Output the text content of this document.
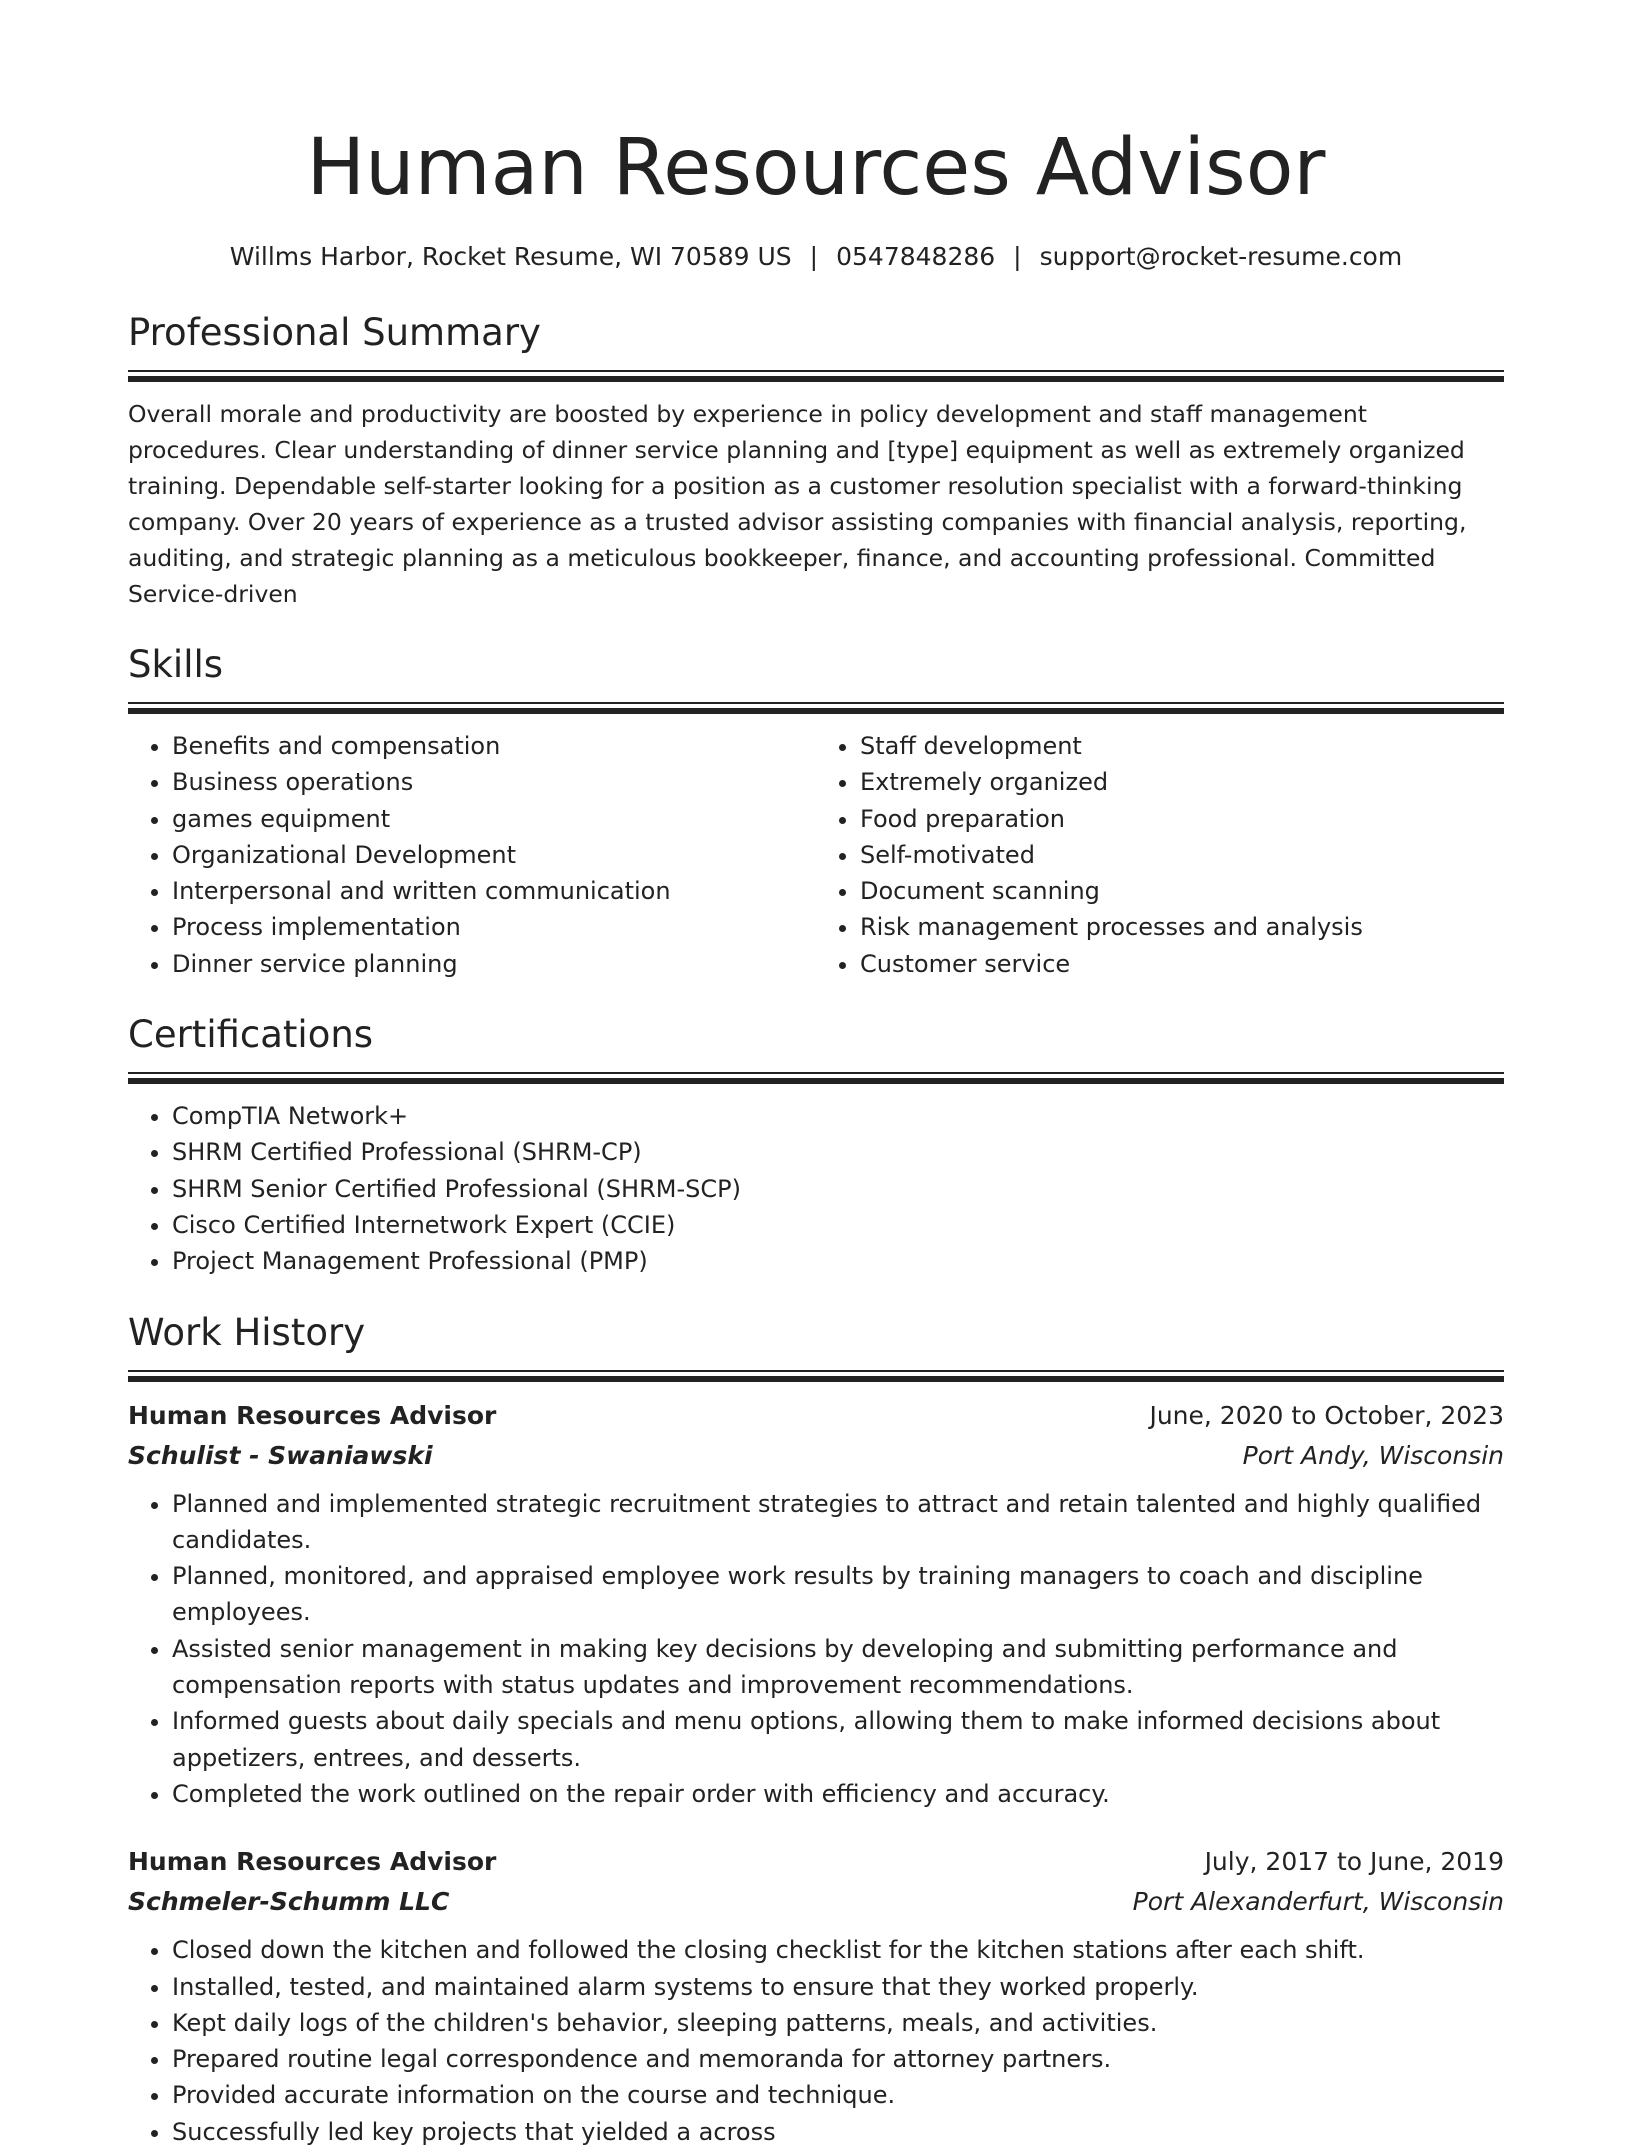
Human Resources Advisor
Willms Harbor, Rocket Resume, WI 70589 US | 0547848286 | support@rocket-resume.com
Professional Summary

Overall morale and productivity are boosted by experience in policy development and staff management procedures. Clear understanding of dinner service planning and [type] equipment as well as extremely organized training. Dependable self-starter looking for a position as a customer resolution specialist with a forward-thinking company. Over 20 years of experience as a trusted advisor assisting companies with financial analysis, reporting, auditing, and strategic planning as a meticulous bookkeeper, finance, and accounting professional. Committed Service-driven

Skills
• Benefits and compensation
• Business operations
• games equipment
• Organizational Development
• Interpersonal and written communication
• Process implementation
• Dinner service planning
• Staff development
• Extremely organized
• Food preparation
• Self-motivated
• Document scanning
• Risk management processes and analysis
• Customer service
Certifications
• CompTIA Network+
• SHRM Certified Professional (SHRM-CP)
• SHRM Senior Certified Professional (SHRM-SCP)
• Cisco Certified Internetwork Expert (CCIE)
• Project Management Professional (PMP)
Work History
Human Resources Advisor	June, 2020 to October, 2023
Schulist - Swaniawski	Port Andy, Wisconsin
• Planned and implemented strategic recruitment strategies to attract and retain talented and highly qualified candidates.
• Planned, monitored, and appraised employee work results by training managers to coach and discipline employees.
• Assisted senior management in making key decisions by developing and submitting performance and compensation reports with status updates and improvement recommendations.
• Informed guests about daily specials and menu options, allowing them to make informed decisions about appetizers, entrees, and desserts.
• Completed the work outlined on the repair order with efficiency and accuracy.
Human Resources Advisor	July, 2017 to June, 2019
Schmeler-Schumm LLC	Port Alexanderfurt, Wisconsin
• Closed down the kitchen and followed the closing checklist for the kitchen stations after each shift.
• Installed, tested, and maintained alarm systems to ensure that they worked properly.
• Kept daily logs of the children's behavior, sleeping patterns, meals, and activities.
• Prepared routine legal correspondence and memoranda for attorney partners.
• Provided accurate information on the course and technique.
• Successfully led key projects that yielded a across
